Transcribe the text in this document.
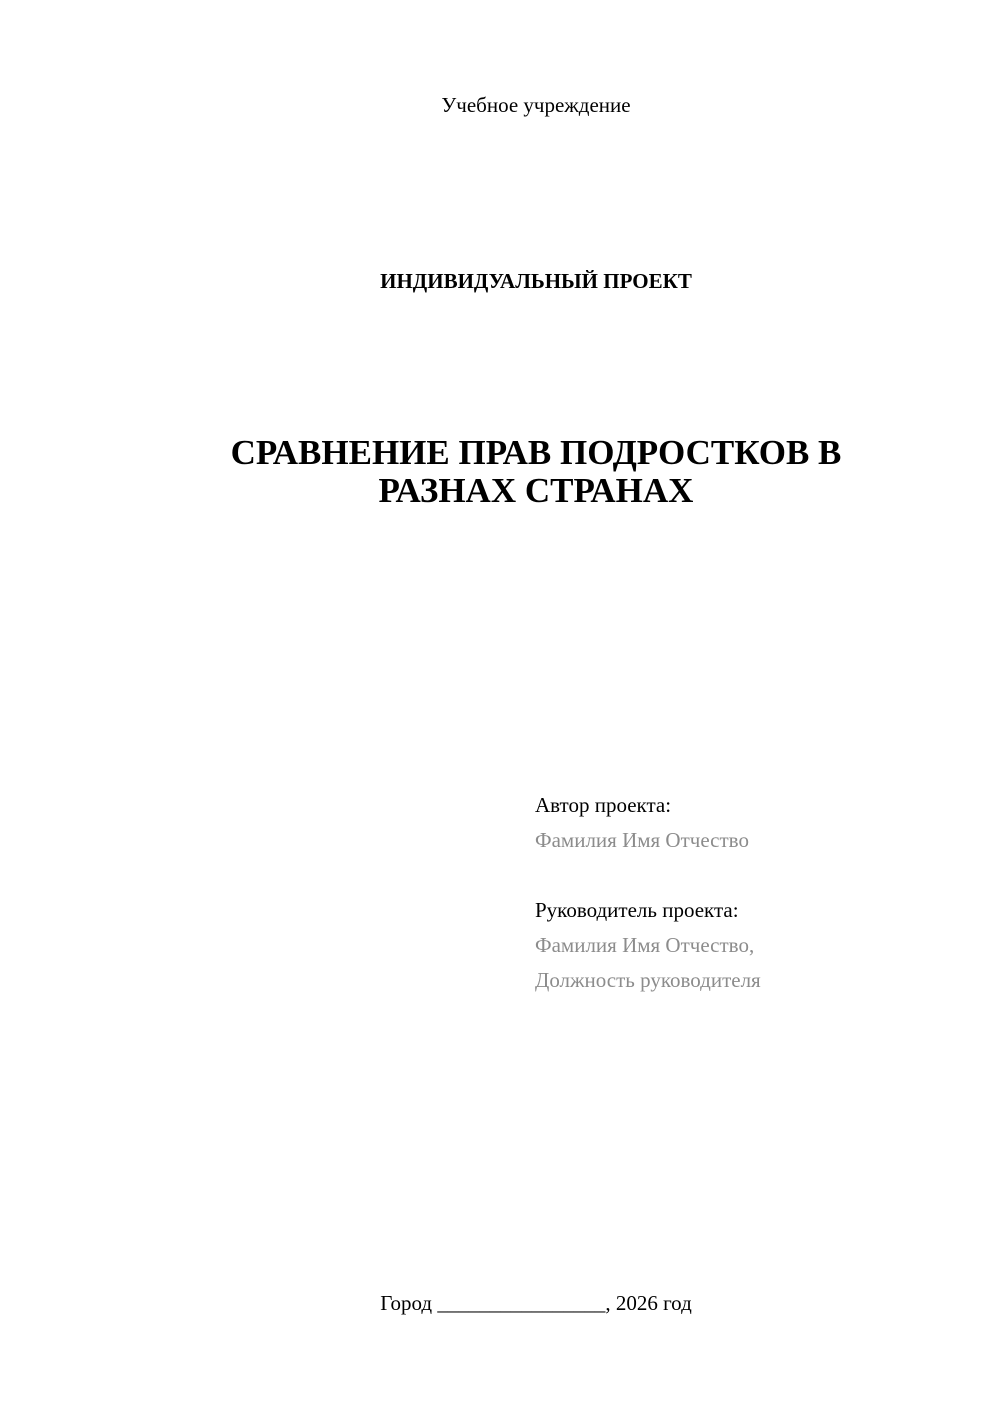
Учебное учреждение
ИНДИВИДУАЛЬНЫЙ ПРОЕКТ
СРАВНЕНИЕ ПРАВ ПОДРОСТКОВ В
РАЗНАХ СТРАНАХ
Автор проекта:
Фамилия Имя Отчество
Руководитель проекта:
Фамилия Имя Отчество,
Должность руководителя
Город ________________, 2026 год
